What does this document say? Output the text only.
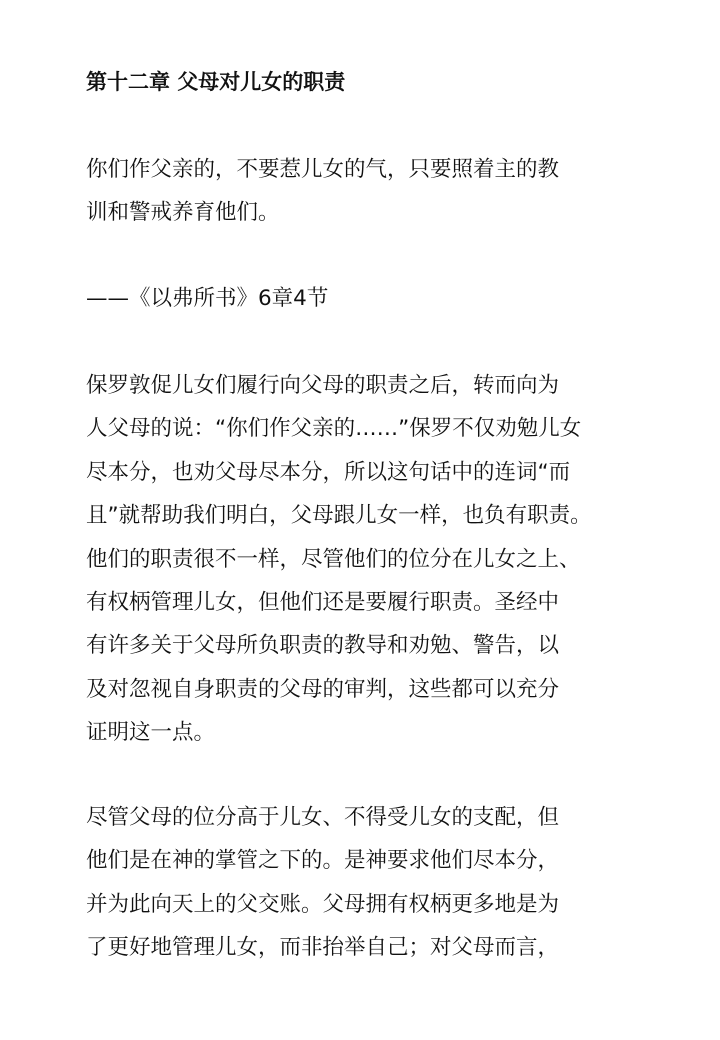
第十二章 父母对儿女的职责
你们作父亲的，不要惹儿女的气，只要照着主的教
训和警戒养育他们。
——《以弗所书》6章4节
保罗敦促儿女们履行向父母的职责之后，转而向为
人父母的说：“你们作父亲的……”保罗不仅劝勉儿女
尽本分，也劝父母尽本分，所以这句话中的连词“而
且”就帮助我们明白，父母跟儿女一样，也负有职责。
他们的职责很不一样，尽管他们的位分在儿女之上、
有权柄管理儿女，但他们还是要履行职责。圣经中
有许多关于父母所负职责的教导和劝勉、警告，以
及对忽视自身职责的父母的审判，这些都可以充分
证明这一点。
尽管父母的位分高于儿女、不得受儿女的支配，但
他们是在神的掌管之下的。是神要求他们尽本分，
并为此向天上的父交账。父母拥有权柄更多地是为
了更好地管理儿女，而非抬举自己；对父母而言，
